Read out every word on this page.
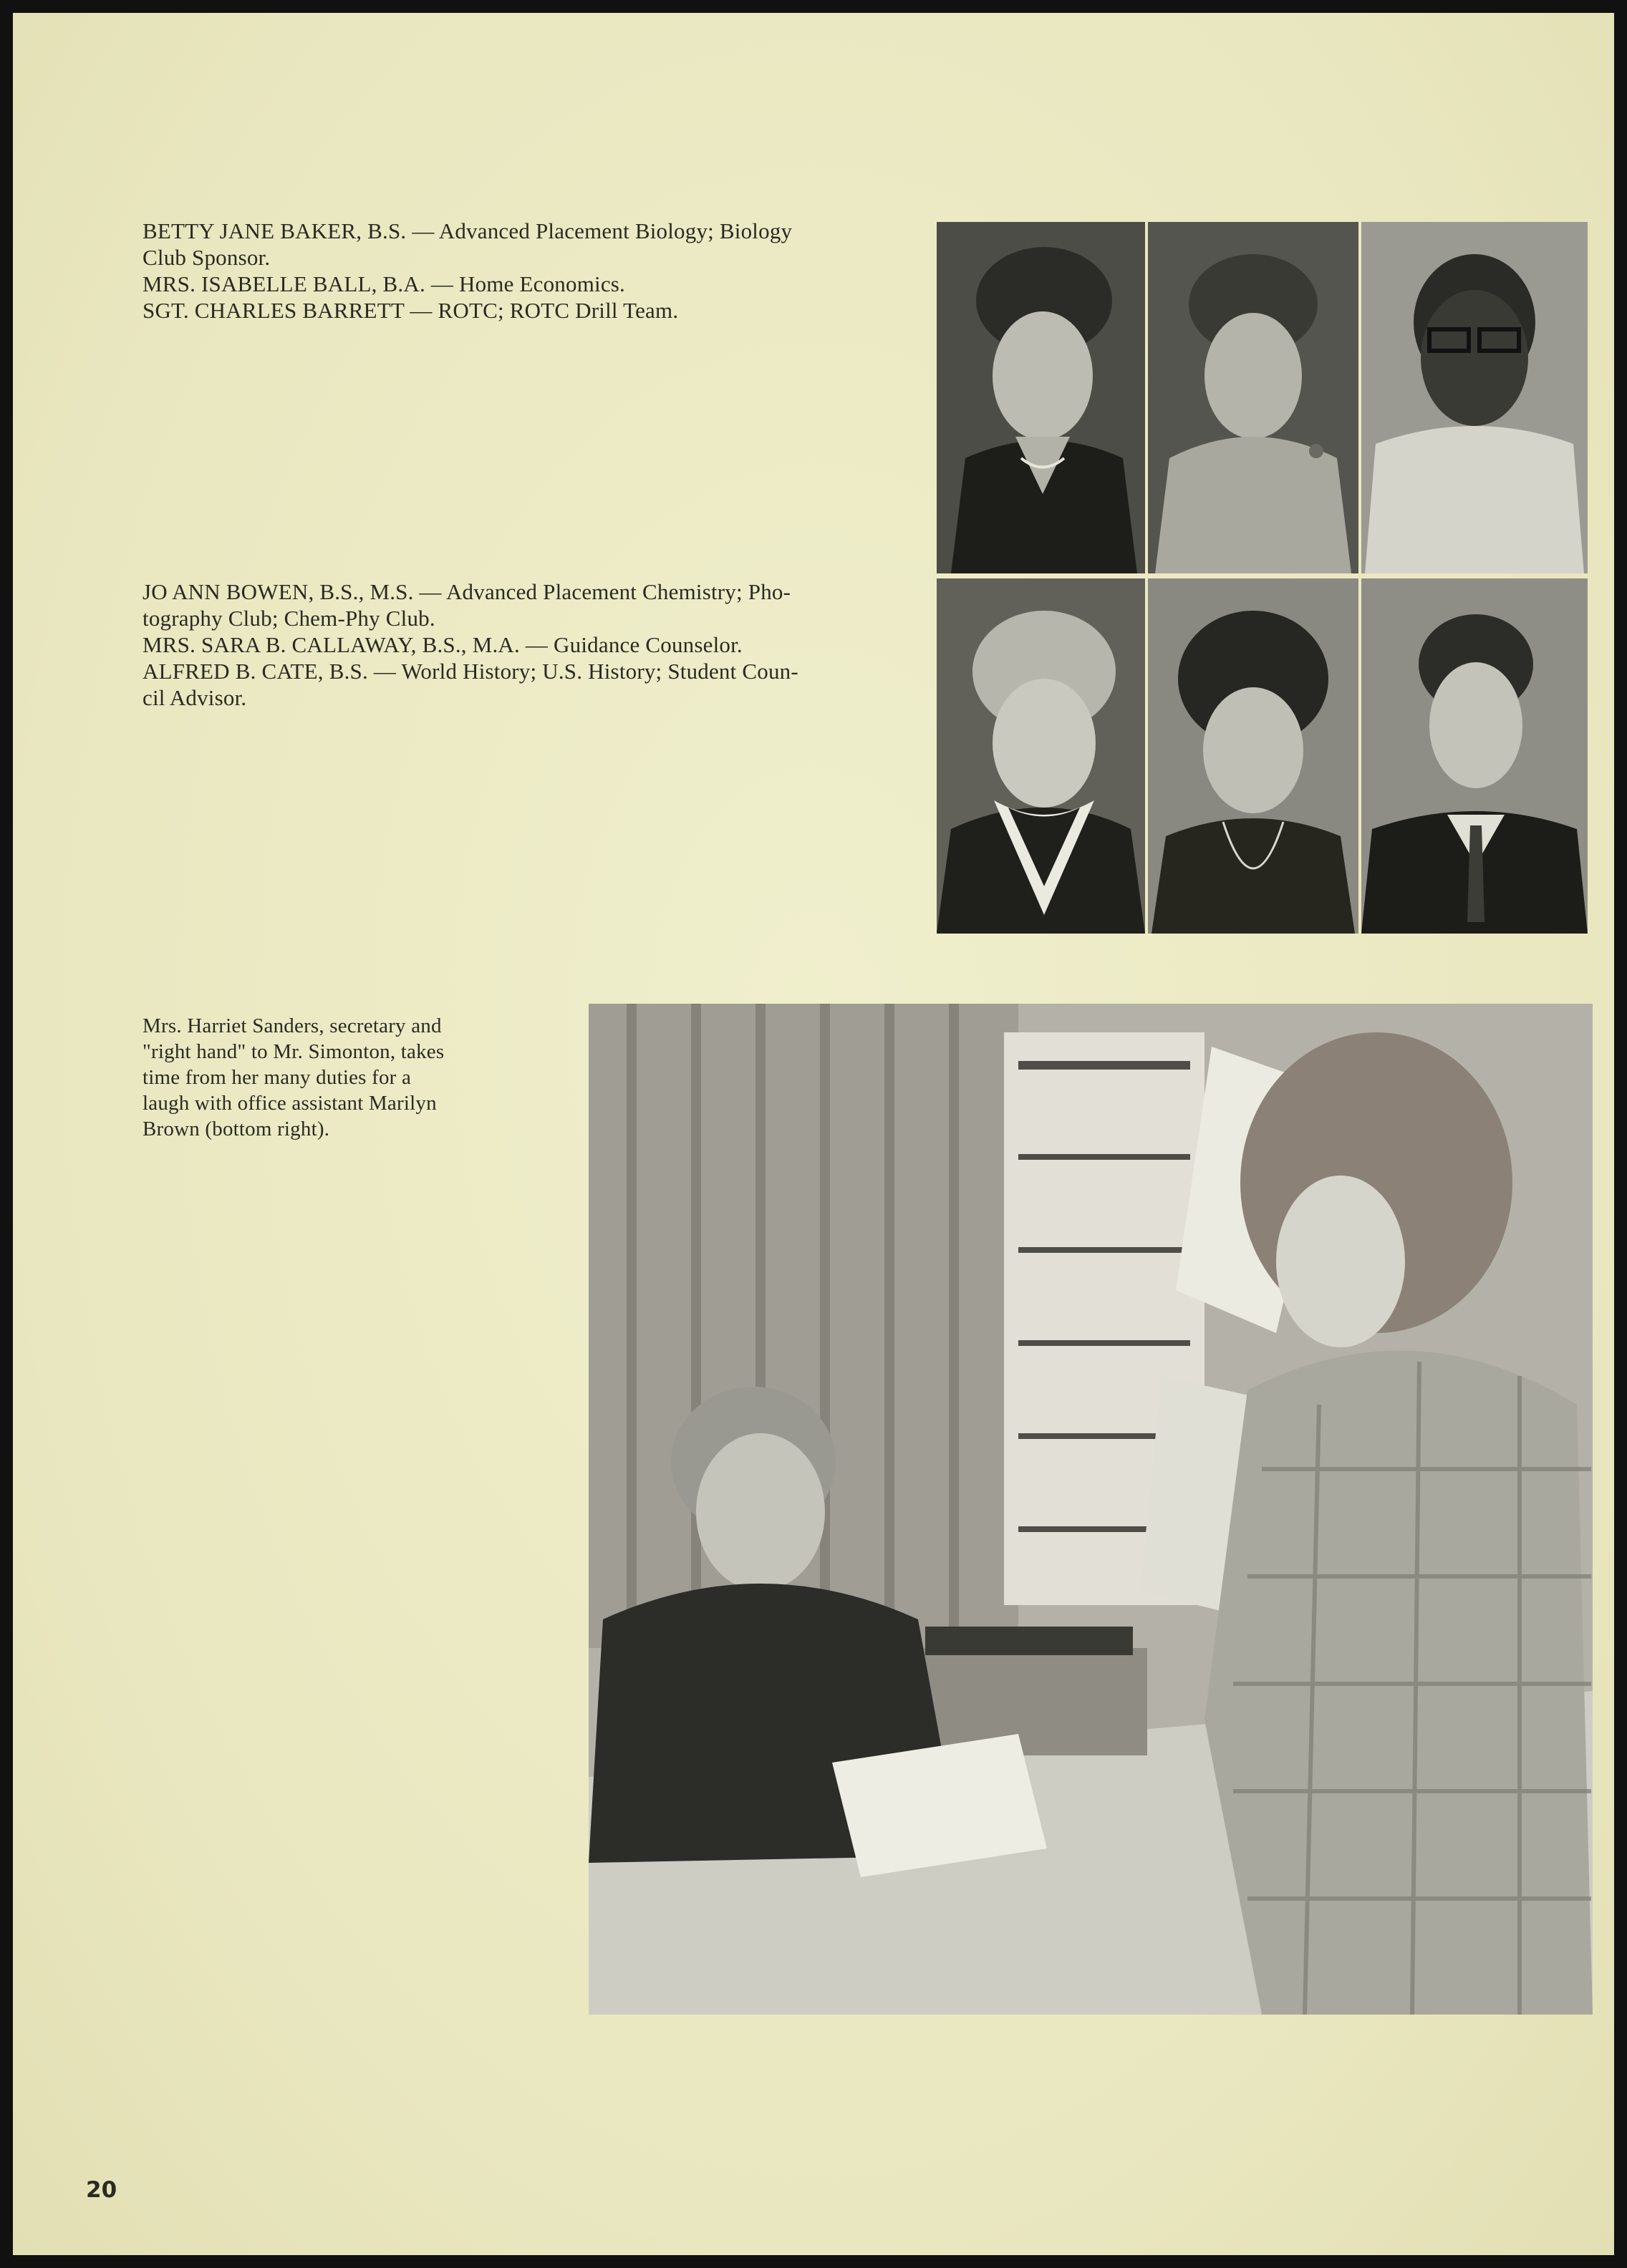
BETTY JANE BAKER, B.S. — Advanced Placement Biology; Biology

Club Sponsor.

MRS. ISABELLE BALL, B.A. — Home Economics.

SGT. CHARLES BARRETT — ROTC; ROTC Drill Team.

JO ANN BOWEN, B.S., M.S. — Advanced Placement Chemistry; Pho-

tography Club; Chem-Phy Club.

MRS. SARA B. CALLAWAY, B.S., M.A. — Guidance Counselor.

ALFRED B. CATE, B.S. — World History; U.S. History; Student Coun-

cil Advisor.

Mrs. Harriet Sanders, secretary and

"right hand" to Mr. Simonton, takes

time from her many duties for a

laugh with office assistant Marilyn

Brown (bottom right).

20
